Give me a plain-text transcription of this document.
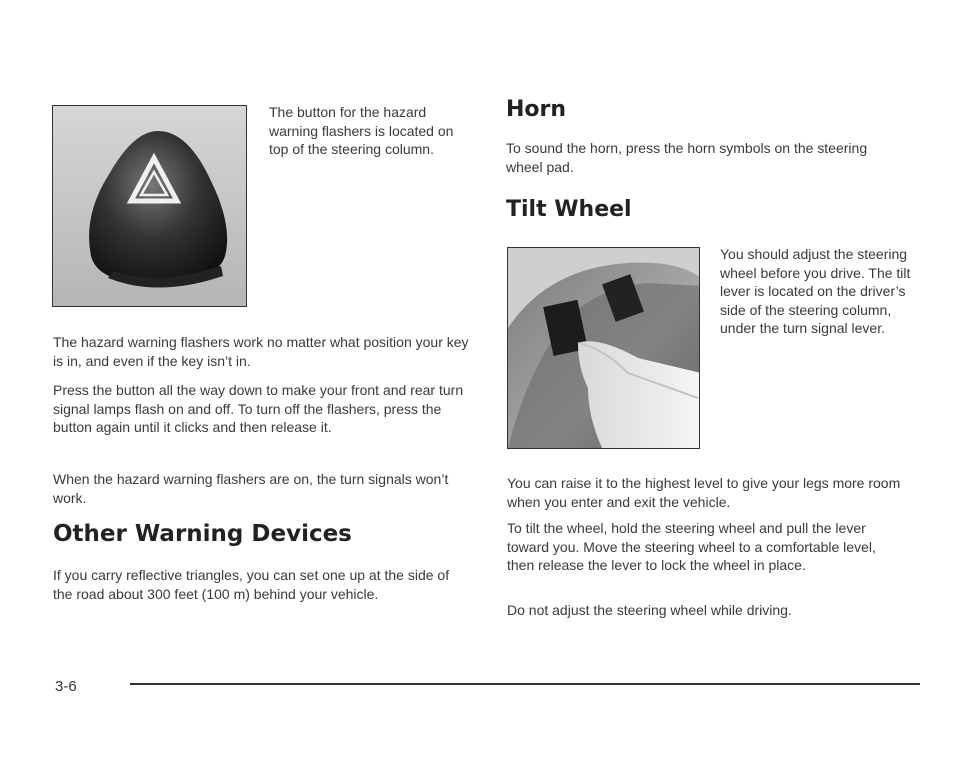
The button for the hazard warning flashers is located on top of the steering column.

The hazard warning flashers work no matter what position your key is in, and even if the key isn’t in.

Press the button all the way down to make your front and rear turn signal lamps flash on and off. To turn off the flashers, press the button again until it clicks and then release it.

When the hazard warning flashers are on, the turn signals won’t work.

Other Warning Devices

If you carry reflective triangles, you can set one up at the side of the road about 300 feet (100 m) behind your vehicle.

Horn

To sound the horn, press the horn symbols on the steering wheel pad.

Tilt Wheel

You should adjust the steering wheel before you drive. The tilt lever is located on the driver’s side of the steering column, under the turn signal lever.

You can raise it to the highest level to give your legs more room when you enter and exit the vehicle.

To tilt the wheel, hold the steering wheel and pull the lever toward you. Move the steering wheel to a comfortable level, then release the lever to lock the wheel in place.

Do not adjust the steering wheel while driving.

3-6
